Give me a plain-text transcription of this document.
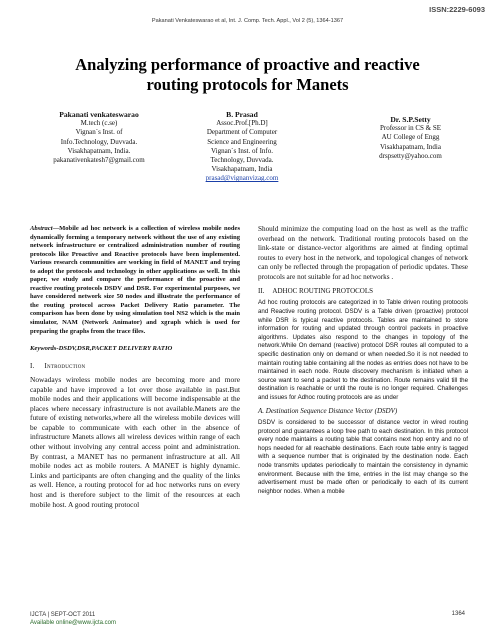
ISSN:2229-6093
Pakanati Venkateswarao et al, Int. J. Comp. Tech. Appl., Vol 2 (5), 1364-1367
Analyzing performance of proactive and reactive
routing protocols for Manets
Pakanati venkateswarao
M.tech (c.se)
Vignan`s Inst. of
Info.Technology, Duvvada.
Visakhapatnam, India.
pakanativenkatesh7@gmail.com
B. Prasad
Assoc.Prof.[Ph.D]
Department of Computer
Science and Engineering
Vignan`s Inst. of Info.
Technology, Duvvada.
Visakhapatnam, India
prasad@vignanvizag.com
Dr. S.P.Setty
Professor in CS & SE
AU College of Engg
Visakhapatnam, India
drspsetty@yahoo.com

Abstract—Mobile ad hoc network is a collection of wireless mobile nodes dynamically forming a temporary network without the use of any existing network infrastructure or centralized administration number of routing protocols like Proactive and Reactive protocols have been implemented. Various research communities are working in field of MANET and trying to adopt the protocols and technology in other applications as well. In this paper, we study and compare the performance of the proactive and reactive routing protocols DSDV and DSR. For experimental purposes, we have considered network size 50 nodes and illustrate the performance of the routing protocol across Packet Delivery Ratio parameter. The comparison has been done by using simulation tool NS2 which is the main simulator, NAM (Network Animator) and xgraph which is used for preparing the graphs from the trace files.

Keywords-DSDV,DSR,PACKET DELIVERY RATIO

I. Introduction

Nowadays wireless mobile nodes are becoming more and more capable and have improved a lot over those available in past.But mobile nodes and their applications will become indispensable at the places where necessary infrastructure is not available.Manets are the future of existing networks,where all the wireless mobile devices will be capable to communicate with each other in the absence of infrastructure Manets allows all wireless devices within range of each other without involving any central access point and administration. By contrast, a MANET has no permanent infrastructure at all. All mobile nodes act as mobile routers. A MANET is highly dynamic. Links and participants are often changing and the quality of the links as well. Hence, a routing protocol for ad hoc networks runs on every host and is therefore subject to the limit of the resources at each mobile host. A good routing protocol

Should minimize the computing load on the host as well as the traffic overhead on the network. Traditional routing protocols based on the link-state or distance-vector algorithms are aimed at finding optimal routes to every host in the network, and topological changes of network can only be reflected through the propagation of periodic updates. These protocols are not suitable for ad hoc networks .

II. ADHOC ROUTING PROTOCOLS

Ad hoc routing protocols are categorized in to Table driven routing protocols and Reactive routing protocol. DSDV is a Table driven (proactive) protocol while DSR is typical reactive protocols. Tables are maintained to store information for routing and updated through control packets in proactive algorithms. Updates also respond to the changes in topology of the network.While On demand (reactive) protocol DSR routes all computed to a specific destination only on demand or when needed.So it is not needed to maintain routing table containing all the nodes as entries does not have to be maintained in each node. Route discovery mechanism is initiated when a source want to send a packet to the destination. Route remains valid till the destination is reachable or until the route is no longer required. Challenges and issues for Adhoc routing protocols are as under

A. Destination Sequence Distance Vector (DSDV)

DSDV is considered to be successor of distance vector in wired routing protocol and guarantees a loop free path to each destination. In this protocol every node maintains a routing table that contains next hop entry and no of hops needed for all reachable destinations. Each route table entry is tagged with a sequence number that is originated by the destination node. Each node transmits updates periodically to maintain the consistency in dynamic environment. Because with the time, entries in the list may change so the advertisement must be made often or periodically to each of its current neighbor nodes. When a mobile

IJCTA | SEPT-OCT 2011
Available online@www.ijcta.com
1364
